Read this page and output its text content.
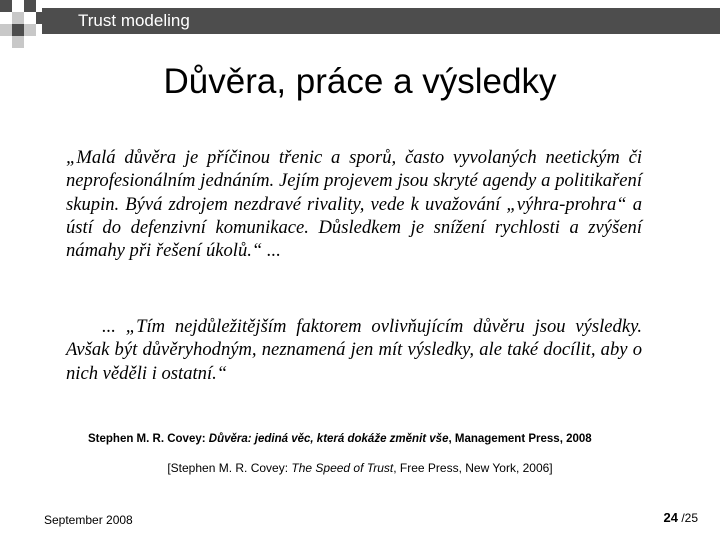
Trust modeling
Důvěra, práce a výsledky

„Malá důvěra je příčinou třenic a sporů, často vyvolaných neetickým či neprofesionálním jednáním. Jejím projevem jsou skryté agendy a politikaření skupin. Bývá zdrojem nezdravé rivality, vede k uvažování „výhra-prohra“ a ústí do defenzivní komunikace. Důsledkem je snížení rychlosti a zvýšení námahy při řešení úkolů.“ ...

... „Tím nejdůležitějším faktorem ovlivňujícím důvěru jsou výsledky. Avšak být důvěryhodným, neznamená jen mít výsledky, ale také docílit, aby o nich věděli i ostatní.“

Stephen M. R. Covey: Důvěra: jediná věc, která dokáže změnit vše, Management Press, 2008
[Stephen M. R. Covey: The Speed of Trust, Free Press, New York, 2006]
September 2008	24 /25
